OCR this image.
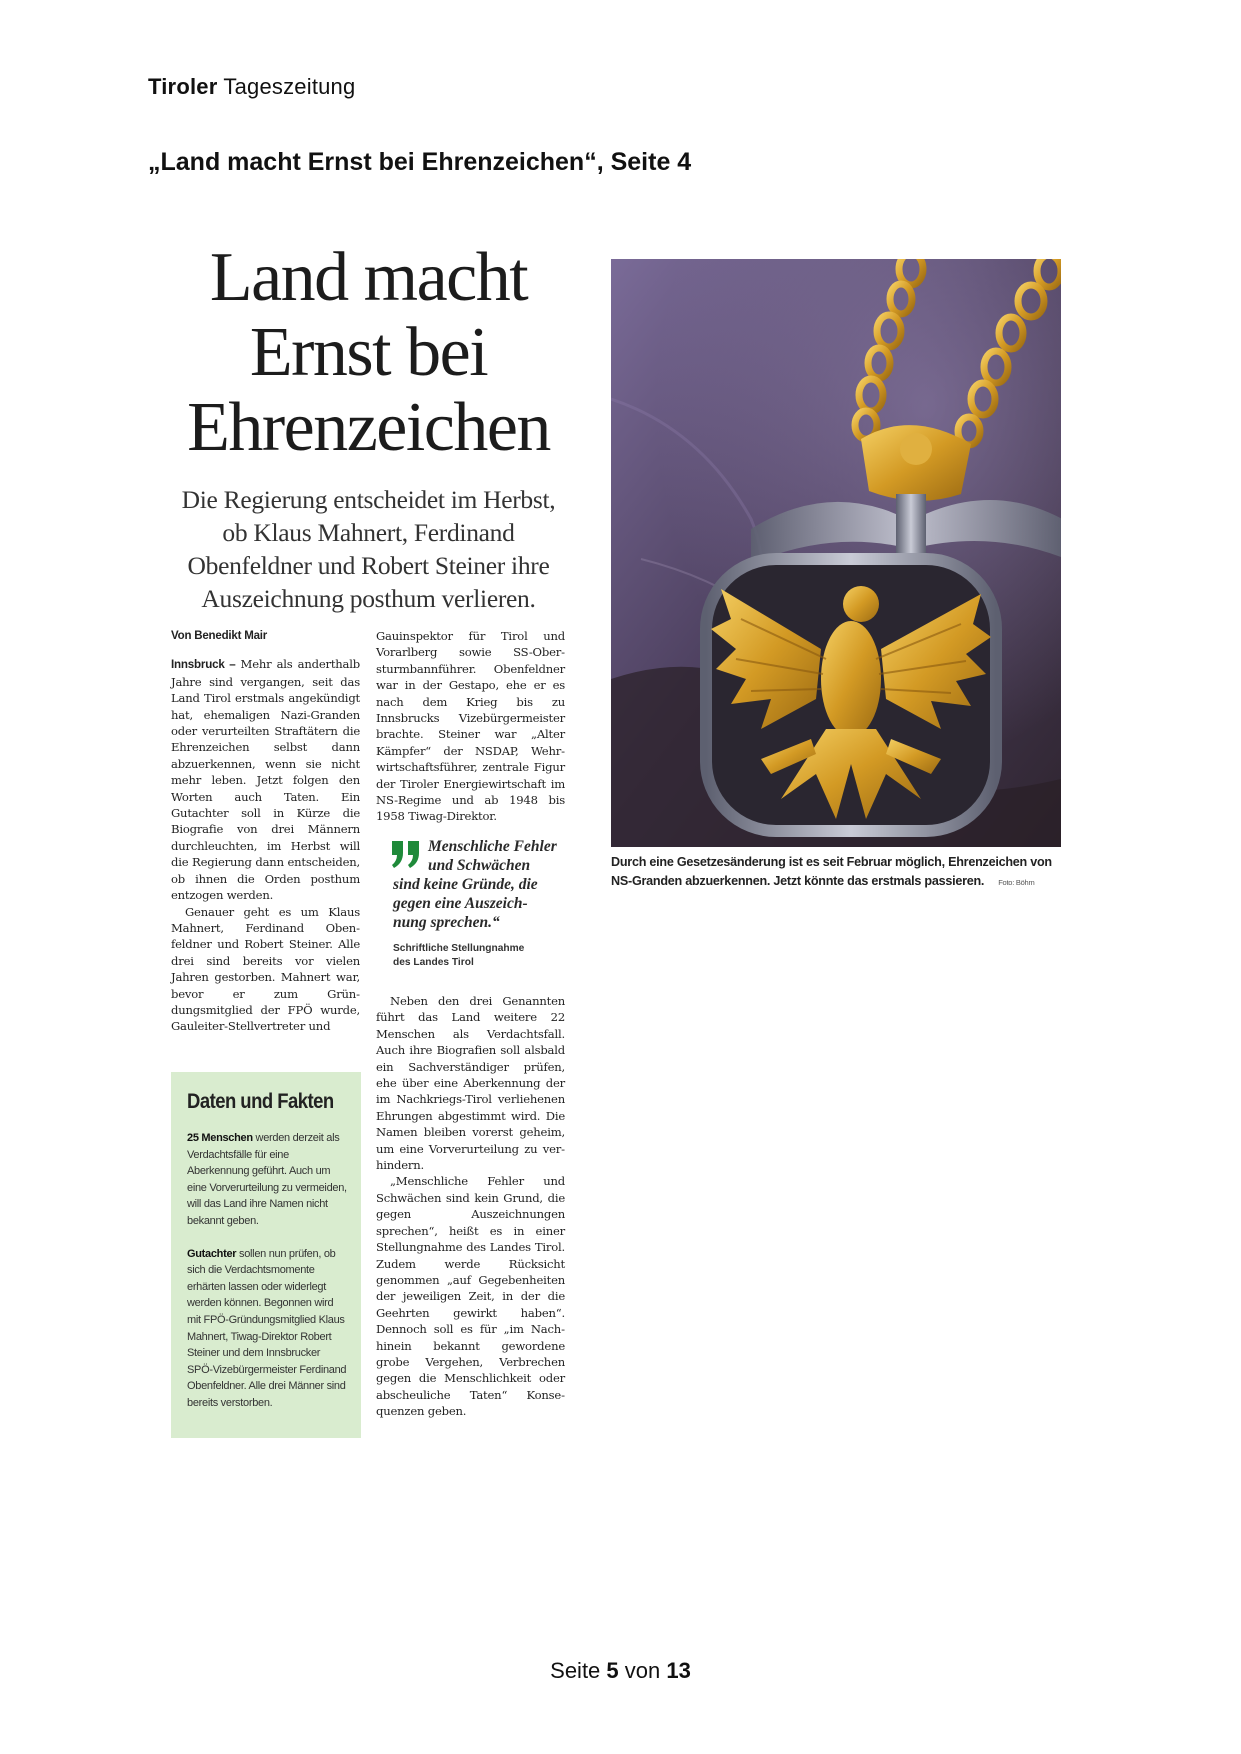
Tiroler Tageszeitung
„Land macht Ernst bei Ehrenzeichen“, Seite 4
Land macht
Ernst bei
Ehrenzeichen
Die Regierung entscheidet im Herbst, ob Klaus Mahnert, Ferdinand Obenfeldner und Robert Steiner ihre Auszeichnung posthum verlieren.
Von Benedikt Mair

Innsbruck – Mehr als anderthalb Jahre sind vergangen, seit das Land Tirol erstmals angekündigt hat, ehemaligen Nazi-Granden oder verurteilten Straftätern die Ehrenzeichen selbst dann abzuerkennen, wenn sie nicht mehr leben. Jetzt folgen den Worten auch Taten. Ein Gutachter soll in Kürze die Biografie von drei Männern durchleuchten, im Herbst will die Regierung dann entscheiden, ob ihnen die Orden posthum entzogen werden.

Genauer geht es um Klaus Mahnert, Ferdinand Obenfeldner und Robert Steiner. Alle drei sind bereits vor vielen Jahren gestorben. Mahnert war, bevor er zum Gründungsmitglied der FPÖ wurde, Gauleiter-Stellvertreter und

Gauinspektor für Tirol und Vorarlberg sowie SS-Obersturmbannführer. Obenfeldner war in der Gestapo, ehe er es nach dem Krieg bis zu Innsbrucks Vizebürgermeister brachte. Steiner war „Alter Kämpfer“ der NSDAP, Wehrwirtschaftsführer, zentrale Figur der Tiroler Energiewirtschaft im NS-Regime und ab 1948 bis 1958 Tiwag-Direktor.

Menschliche Fehler
und Schwächen
sind keine Gründe, die
gegen eine Auszeich-
nung sprechen.“
Schriftliche Stellungnahme
des Landes Tirol

Neben den drei Genannten führt das Land weitere 22 Menschen als Verdachtsfall. Auch ihre Biografien soll alsbald ein Sachverständiger prüfen, ehe über eine Aberkennung der im Nachkriegs-Tirol verliehenen Ehrungen abgestimmt wird. Die Namen bleiben vorerst geheim, um eine Vorverurteilung zu verhindern.

„Menschliche Fehler und Schwächen sind kein Grund, die gegen Auszeichnungen sprechen“, heißt es in einer Stellungnahme des Landes Tirol. Zudem werde Rücksicht genommen „auf Gegebenheiten der jeweiligen Zeit, in der die Geehrten gewirkt haben“. Dennoch soll es für „im Nachhinein bekannt gewordene grobe Vergehen, Verbrechen gegen die Menschlichkeit oder abscheuliche Taten“ Konsequenzen geben.

Daten und Fakten
25 Menschen werden derzeit als Verdachtsfälle für eine Aberkennung geführt. Auch um eine Vorverurteilung zu vermeiden, will das Land ihre Namen nicht bekannt geben.
Gutachter sollen nun prüfen, ob sich die Verdachtsmomente erhärten lassen oder widerlegt werden können. Begonnen wird mit FPÖ-Gründungsmitglied Klaus Mahnert, Tiwag-Direktor Robert Steiner und dem Innsbrucker SPÖ-Vizebürgermeister Ferdinand Obenfeldner. Alle drei Männer sind bereits verstorben.
Durch eine Gesetzesänderung ist es seit Februar möglich, Ehrenzeichen von NS-Granden abzuerkennen. Jetzt könnte das erstmals passieren. Foto: Böhm
Seite 5 von 13
